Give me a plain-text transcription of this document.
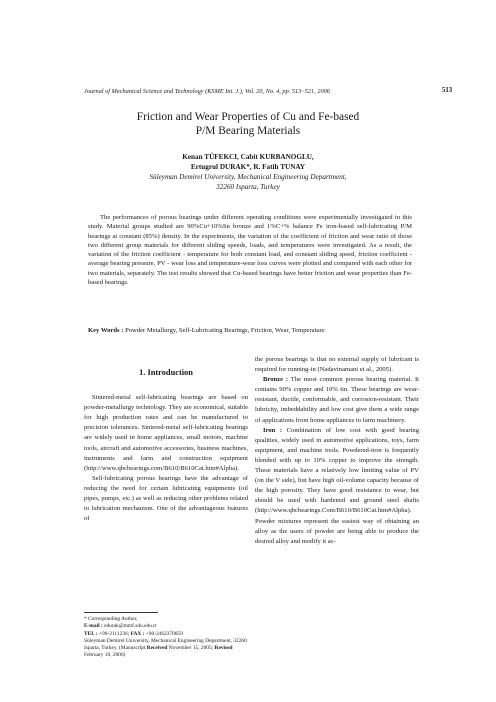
Journal of Mechanical Science and Technology (KSME Int. J.), Vol. 20, No. 4, pp. 513~521, 2006	513
Friction and Wear Properties of Cu and Fe-based
P/M Bearing Materials
Kenan TÜFEKCI, Cabit KURBANOGLU,
Ertugrul DURAK*, R. Fatih TUNAY
Süleyman Demirel University, Mechanical Engineering Department,
32260 Isparta, Turkey
The performances of porous bearings under different operating conditions were experimentally investigated in this study. Material groups studied are 90%Cu+10%Sn bronze and 1%C+% balance Fe iron-based self-lubricating P/M bearings at constant (85%) density. In the experiments, the variation of the coefficient of friction and wear ratio of those two different group materials for different sliding speeds, loads, and temperatures were investigated. As a result, the variation of the friction coefficient - temperature for both constant load, and constant sliding speed, friction coefficient - average bearing pressure, PV - wear loss and temperature-wear loss curves were plotted and compared with each other for two materials, separately. The test results showed that Cu-based bearings have better friction and wear properties than Fe-based bearings.
Key Words : Powder Metallurgy, Self-Lubricating Bearings, Friction, Wear, Temperature
1. Introduction

Sintered-metal self-lubricating bearings are based on powder-metallurgy technology. They are economical, suitable for high production rates and can be manufactured to precision tolerances. Sintered-metal self-lubricating bearings are widely used in home appliances, small motors, machine tools, aircraft and automotive accessories, business machines, instruments and farm and construction equipment (http://www.qbcbearings.com/B610/B610Cat.htm#Alpha).

Self-lubricating porous bearings have the advantage of reducing the need for certain lubricating equipments (oil pipes, pumps, etc.) as well as reducing other problems related to lubrication mechanism. One of the advantageous features of

the porous bearings is that no external supply of lubricant is required for running-in (Nadavinamani et al., 2005).

Bronze : The most common porous bearing material. It contains 90% copper and 10% tin. These bearings are wear-resistant, ductile, conformable, and corrosion-resistant. Their lubricity, imbeddability and low cost give them a wide range of applications from home appliances to farm machinery.

Iron : Combination of low cost with good bearing qualities, widely used in automotive applications, toys, farm equipment, and machine tools. Powdered-iron is frequently blended with up to 10% copper to improve the strength. These materials have a relatively low limiting value of PV (on the V side), but have high oil-volume capacity because of the high porosity. They have good resistance to wear, but should be used with hardened and ground steel shafts (http://www.qbcbearings.Com/B610/B610Cat.htm#Alpha). Powder mixtures represent the easiest way of obtaining an alloy as the users of powder are being able to produce the desired alloy and modify it ac-

* Corresponding Author,
E-mail : edurak@mmf.sdu.edu.tr
TEL : +90-2111236; FAX : +90-2462370859
Süleyman Demirel University, Mechanical Engineering Department, 32260 Isparta, Turkey. (Manuscript Received November 15, 2005; Revised February 10, 2006)
